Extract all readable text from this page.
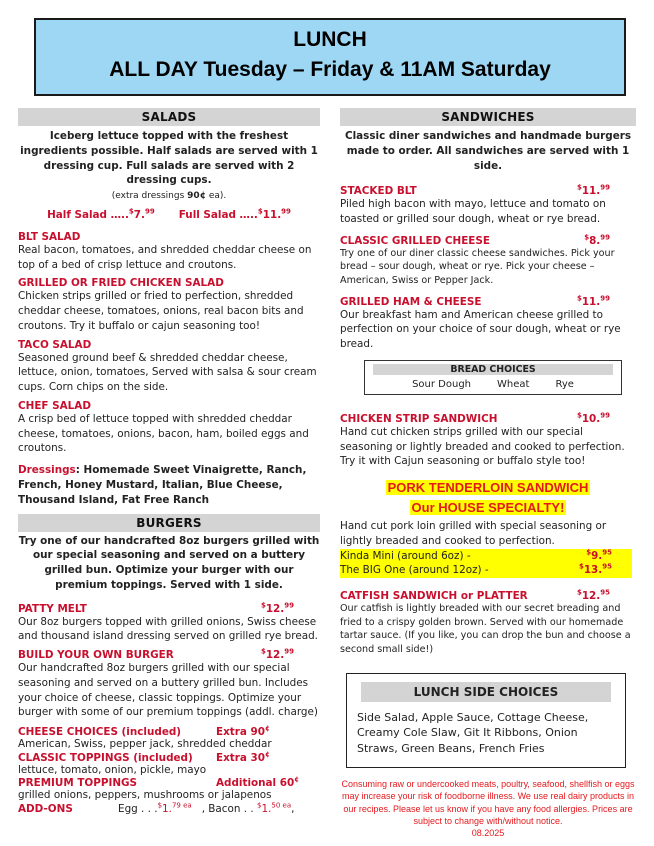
LUNCH
ALL DAY Tuesday – Friday & 11AM Saturday
SALADS
Iceberg lettuce topped with the freshest ingredients possible. Half salads are served with 1 dressing cup. Full salads are served with 2 dressing cups.
(extra dressings 90¢ ea).
Half Salad …..$7.99 Full Salad …..$11.99
BLT SALAD
Real bacon, tomatoes, and shredded cheddar cheese on top of a bed of crisp lettuce and croutons.
GRILLED OR FRIED CHICKEN SALAD
Chicken strips grilled or fried to perfection, shredded cheddar cheese, tomatoes, onions, real bacon bits and croutons. Try it buffalo or cajun seasoning too!
TACO SALAD
Seasoned ground beef & shredded cheddar cheese, lettuce, onion, tomatoes, Served with salsa & sour cream cups. Corn chips on the side.
CHEF SALAD
A crisp bed of lettuce topped with shredded cheddar cheese, tomatoes, onions, bacon, ham, boiled eggs and croutons.
Dressings: Homemade Sweet Vinaigrette, Ranch, French, Honey Mustard, Italian, Blue Cheese, Thousand Island, Fat Free Ranch
BURGERS
Try one of our handcrafted 8oz burgers grilled with our special seasoning and served on a buttery grilled bun. Optimize your burger with our premium toppings. Served with 1 side.
PATTY MELT	$12.99
Our 8oz burgers topped with grilled onions, Swiss cheese and thousand island dressing served on grilled rye bread.
BUILD YOUR OWN BURGER	$12.99
Our handcrafted 8oz burgers grilled with our special seasoning and served on a buttery grilled bun. Includes your choice of cheese, classic toppings. Optimize your burger with some of our premium toppings (addl. charge)
CHEESE CHOICES (included)	Extra 90¢
American, Swiss, pepper jack, shredded cheddar
CLASSIC TOPPINGS (included)	Extra 30¢
lettuce, tomato, onion, pickle, mayo
PREMIUM TOPPINGS	Additional 60¢
grilled onions, peppers, mushrooms or jalapenos
ADD-ONS	Egg . . .$1.$^{79 ea}$ , Bacon . . $1.$^{50 ea}$,
SANDWICHES
Classic diner sandwiches and handmade burgers made to order. All sandwiches are served with 1 side.
STACKED BLT	$11.99
Piled high bacon with mayo, lettuce and tomato on toasted or grilled sour dough, wheat or rye bread.
CLASSIC GRILLED CHEESE	$8.99
Try one of our diner classic cheese sandwiches. Pick your bread – sour dough, wheat or rye. Pick your cheese – American, Swiss or Pepper Jack.
GRILLED HAM & CHEESE	$11.99
Our breakfast ham and American cheese grilled to perfection on your choice of sour dough, wheat or rye bread.
BREAD CHOICES
Sour Dough	Wheat	Rye
CHICKEN STRIP SANDWICH	$10.99
Hand cut chicken strips grilled with our special seasoning or lightly breaded and cooked to perfection. Try it with Cajun seasoning or buffalo style too!
PORK TENDERLOIN SANDWICH
Our HOUSE SPECIALTY!
Hand cut pork loin grilled with special seasoning or lightly breaded and cooked to perfection.
Kinda Mini (around 6oz) -	$9.95
The BIG One (around 12oz) -	$13.95
CATFISH SANDWICH or PLATTER	$12.95
Our catfish is lightly breaded with our secret breading and fried to a crispy golden brown. Served with our homemade tartar sauce. (If you like, you can drop the bun and choose a second small side!)
LUNCH SIDE CHOICES
Side Salad, Apple Sauce, Cottage Cheese, Creamy Cole Slaw, Git It Ribbons, Onion Straws, Green Beans, French Fries
Consuming raw or undercooked meats, poultry, seafood, shellfish or eggs may increase your risk of foodborne illness. We use real dairy products in our recipes. Please let us know if you have any food allergies. Prices are subject to change with/without notice.
08.2025
